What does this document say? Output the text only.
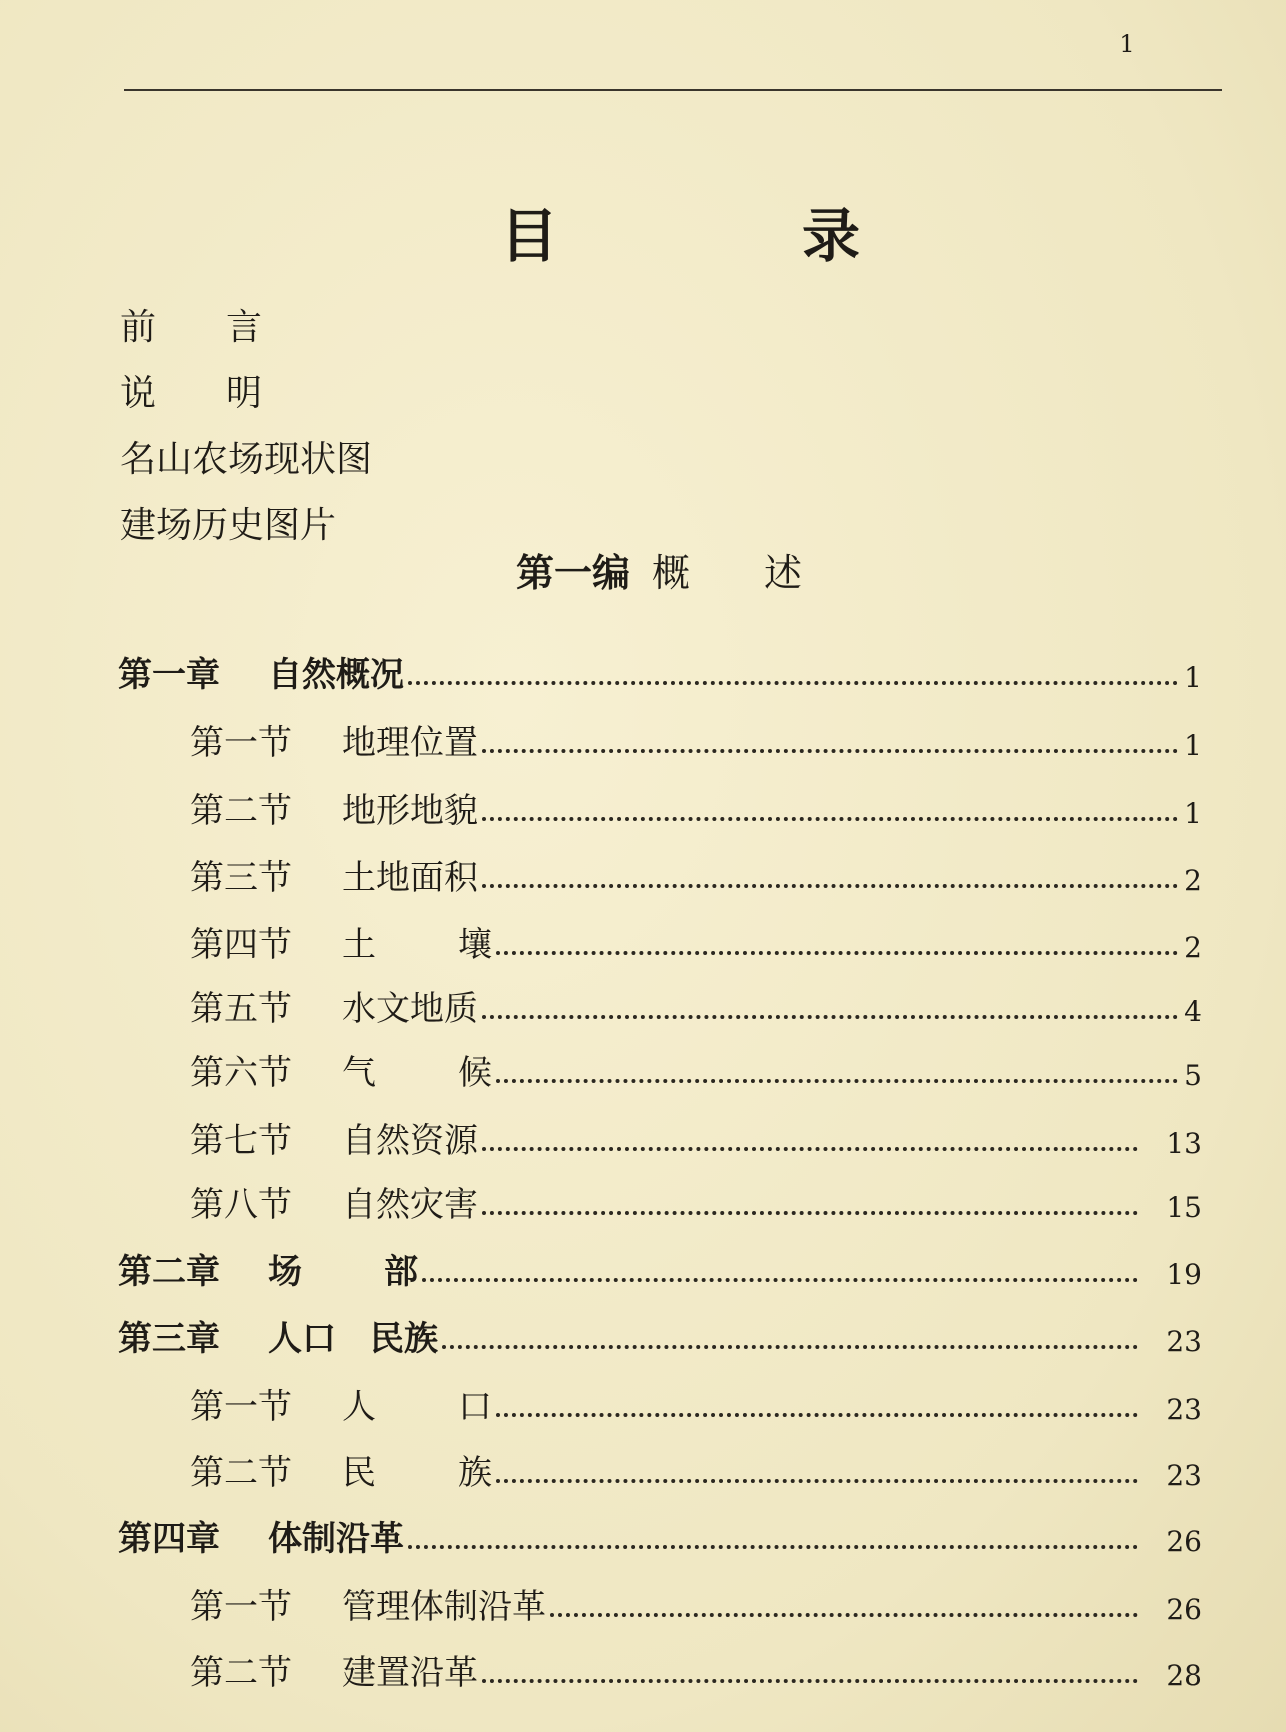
1
目	录
前 言
说 明
名山农场现状图
建场历史图片
第一编 概 述
第一章	自然概况	1
第一节	地理位置	1
第二节	地形地貌	1
第三节	土地面积	2
第四节	土 壤	2
第五节	水文地质	4
第六节	气 候	5
第七节	自然资源	13
第八节	自然灾害	15
第二章	场 部	19
第三章	人口　民族	23
第一节	人 口	23
第二节	民 族	23
第四章	体制沿革	26
第一节	管理体制沿革	26
第二节	建置沿革	28
